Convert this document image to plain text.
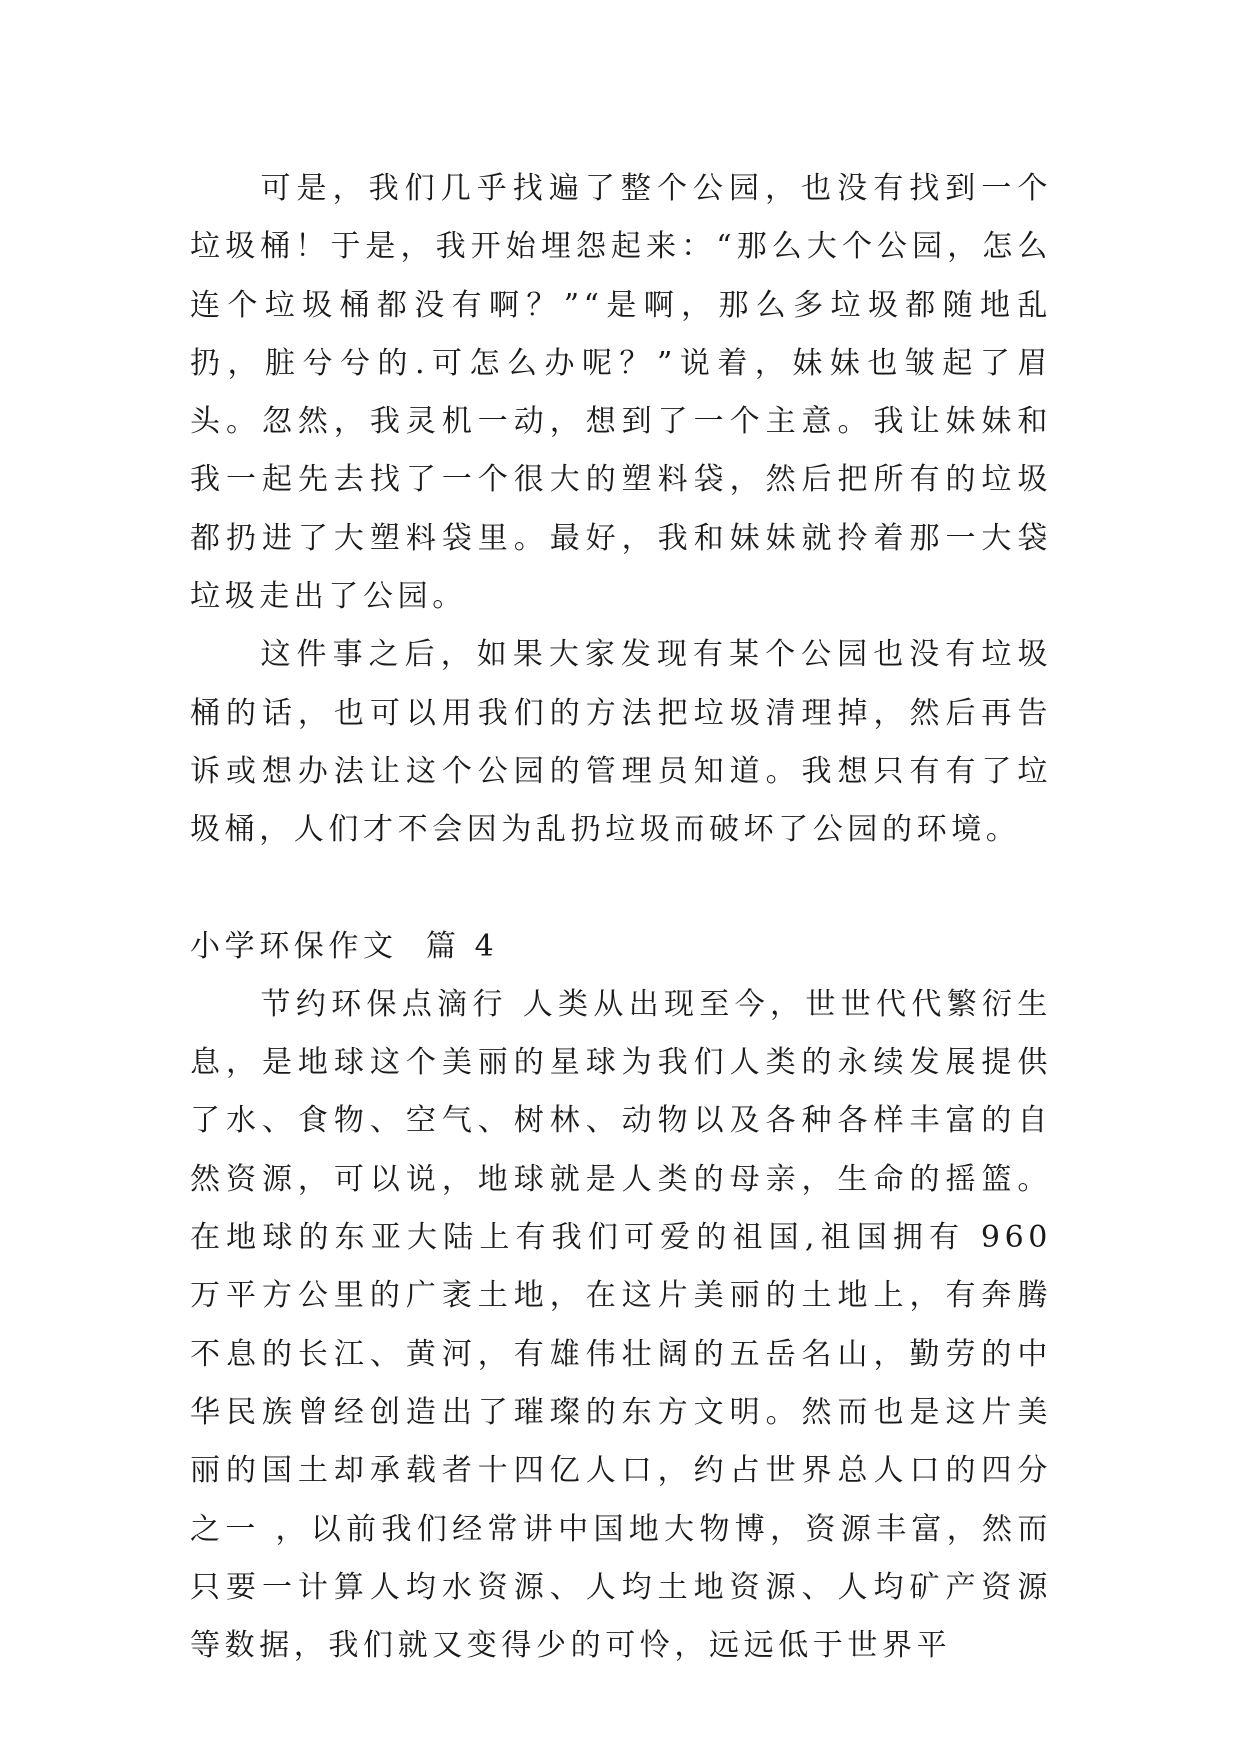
可是，我们几乎找遍了整个公园，也没有找到一个垃圾桶！于是，我开始埋怨起来：“那么大个公园，怎么连个垃圾桶都没有啊？”“是啊，那么多垃圾都随地乱扔，脏兮兮的.可怎么办呢？”说着，妹妹也皱起了眉头。忽然，我灵机一动，想到了一个主意。我让妹妹和我一起先去找了一个很大的塑料袋，然后把所有的垃圾都扔进了大塑料袋里。最好，我和妹妹就拎着那一大袋垃圾走出了公园。

这件事之后，如果大家发现有某个公园也没有垃圾桶的话，也可以用我们的方法把垃圾清理掉，然后再告诉或想办法让这个公园的管理员知道。我想只有有了垃圾桶，人们才不会因为乱扔垃圾而破坏了公园的环境。

小学环保作文  篇 4

节约环保点滴行 人类从出现至今，世世代代繁衍生息，是地球这个美丽的星球为我们人类的永续发展提供了水、食物、空气、树林、动物以及各种各样丰富的自然资源，可以说，地球就是人类的母亲，生命的摇篮。在地球的东亚大陆上有我们可爱的祖国,祖国拥有 960 万平方公里的广袤土地，在这片美丽的土地上，有奔腾不息的长江、黄河，有雄伟壮阔的五岳名山，勤劳的中华民族曾经创造出了璀璨的东方文明。然而也是这片美丽的国土却承载者十四亿人口，约占世界总人口的四分之一 ，以前我们经常讲中国地大物博，资源丰富，然而只要一计算人均水资源、人均土地资源、人均矿产资源等数据，我们就又变得少的可怜，远远低于世界平
